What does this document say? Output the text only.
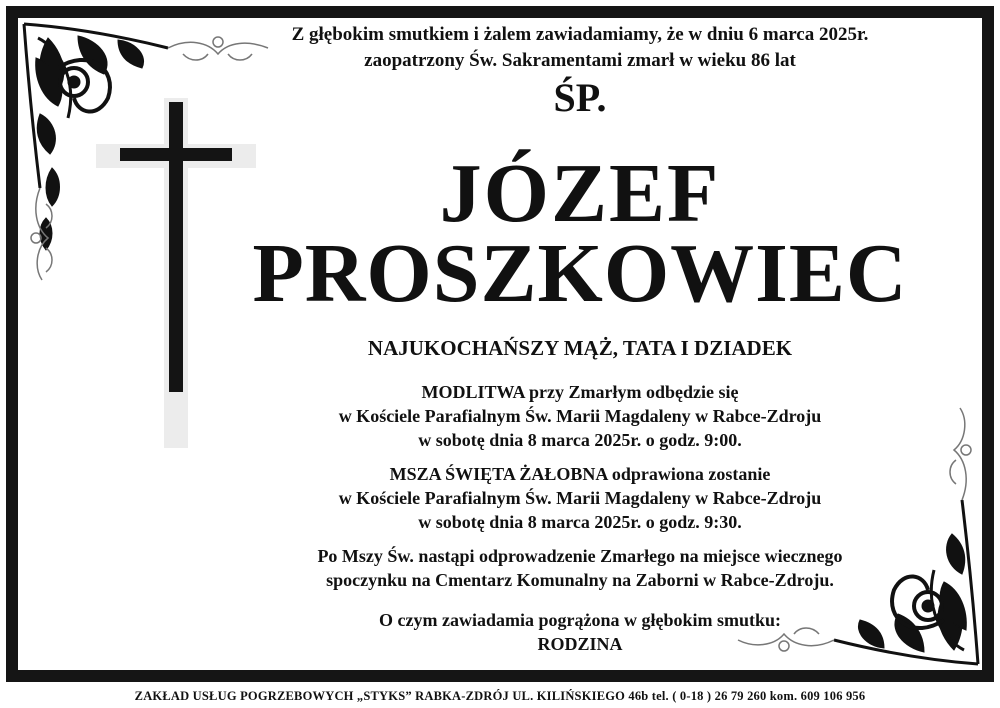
Z głębokim smutkiem i żalem zawiadamiamy, że w dniu 6 marca 2025r.
zaopatrzony Św. Sakramentami zmarł w wieku 86 lat
ŚP.
JÓZEF
PROSZKOWIEC
NAJUKOCHAŃSZY MĄŻ, TATA I DZIADEK
MODLITWA przy Zmarłym odbędzie się
w Kościele Parafialnym Św. Marii Magdaleny w Rabce-Zdroju
w sobotę dnia 8 marca 2025r. o godz. 9:00.
MSZA ŚWIĘTA ŻAŁOBNA odprawiona zostanie
w Kościele Parafialnym Św. Marii Magdaleny w Rabce-Zdroju
w sobotę dnia 8 marca 2025r. o godz. 9:30.
Po Mszy Św. nastąpi odprowadzenie Zmarłego na miejsce wiecznego
spoczynku na Cmentarz Komunalny na Zaborni w Rabce-Zdroju.
O czym zawiadamia pogrążona w głębokim smutku:
RODZINA
ZAKŁAD USŁUG POGRZEBOWYCH „STYKS” RABKA-ZDRÓJ UL. KILIŃSKIEGO 46b tel. ( 0-18 ) 26 79 260 kom. 609 106 956
